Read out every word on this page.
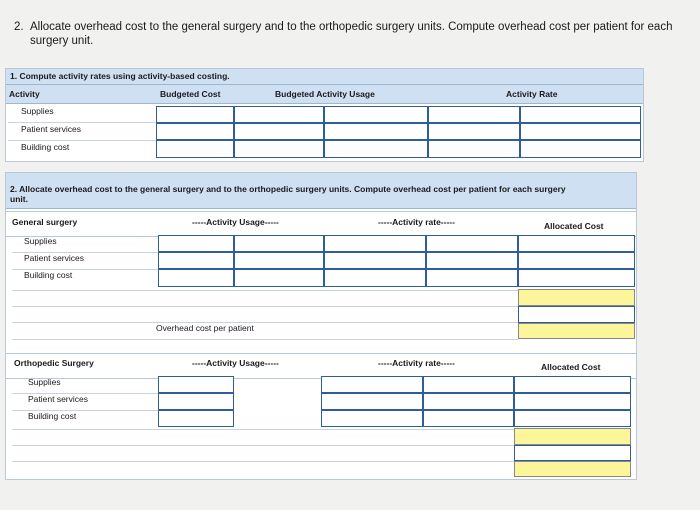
2. Allocate overhead cost to the general surgery and to the orthopedic surgery units. Compute overhead cost per patient for each
surgery unit.
1. Compute activity rates using activity-based costing.
Activity	Budgeted Cost	Budgeted Activity Usage	Activity Rate
Supplies
Patient services
Building cost
2. Allocate overhead cost to the general surgery and to the orthopedic surgery units. Compute overhead cost per patient for each surgery
unit.
General surgery	-----Activity Usage-----	-----Activity rate-----	Allocated Cost
Supplies
Patient services
Building cost
Overhead cost per patient
Orthopedic Surgery	-----Activity Usage-----	-----Activity rate-----	Allocated Cost
Supplies
Patient services
Building cost
